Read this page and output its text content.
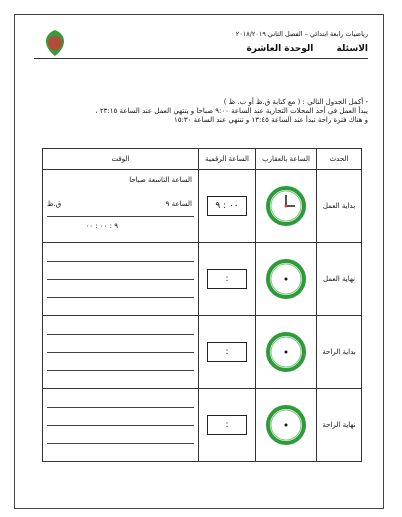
رياضيات رابعة ابتدائي – الفصل الثاني ٢٠١٨/٢٠١٩
الاسئلة الوحدة العاشرة
- أكمل الجدول التالي : ( مع كتابة ق.ظ أو ب. ظ )
يبدأ العمل في أحد المحلات التجارية عند الساعة ٩:٠٠ صباحا و ينتهي العمل عند الساعة ٢٣:١٥ ،
و هناك فترة راحة تبدأ عند الساعة ١٣:٤٥ و تنتهي عند الساعة ١٥:٣٠
الحدث	الساعة بالعقارب	الساعة الرقمية	الوقت
بداية العمل		٠٠ : ٩	الساعة التاسعة صباحا
الساعة ٩
ق.ظ
٩ : ٠٠ : ٠٠

نهاية العمل		:	

بداية الراحة		:	

نهاية الراحة		:	
